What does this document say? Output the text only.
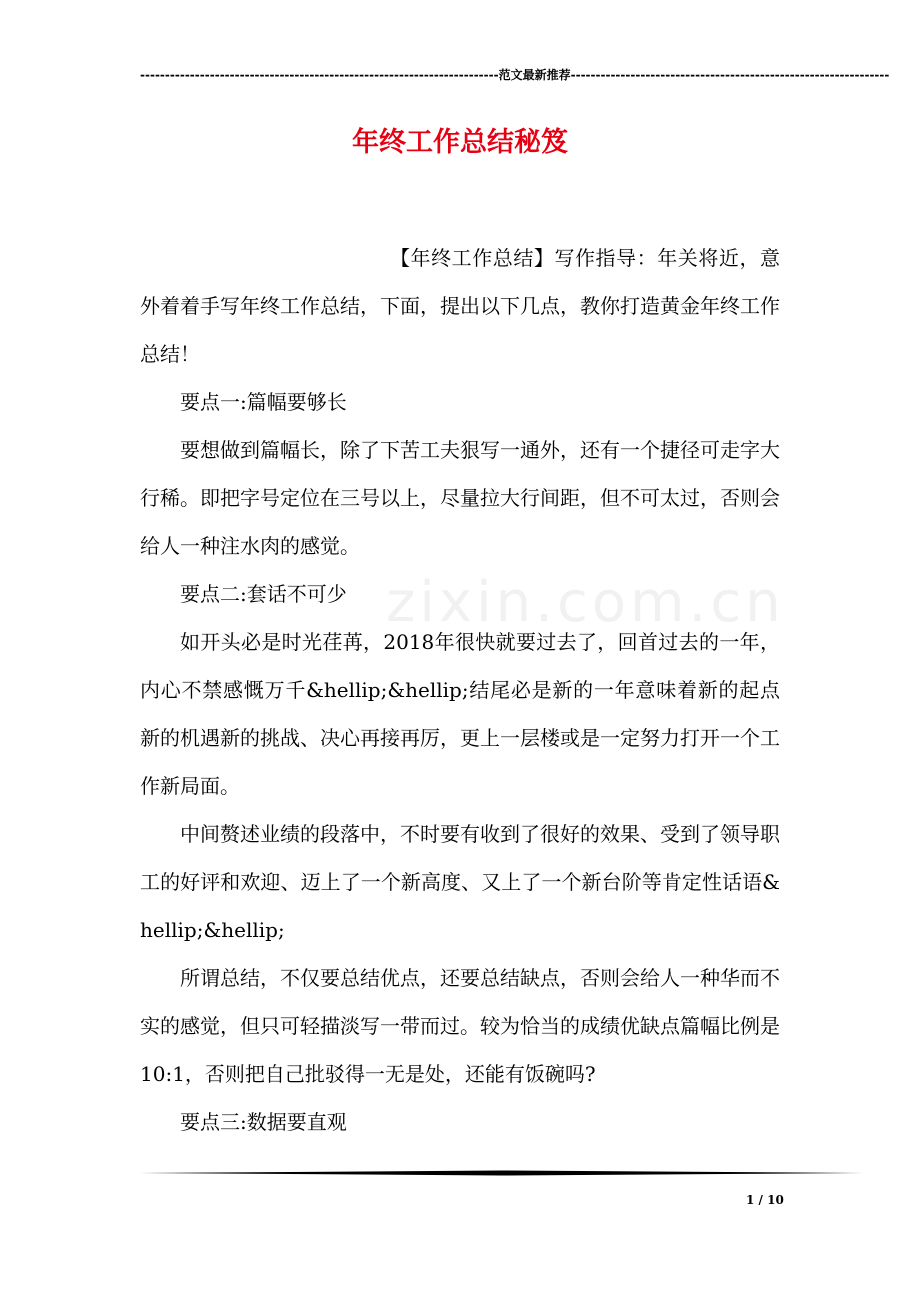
------------------------------------------------------------------------范文最新推荐----------------------------------------------------------------
年终工作总结秘笈
zixin.com.cn

【年终工作总结】写作指导：年关将近，意外着着手写年终工作总结，下面，提出以下几点，教你打造黄金年终工作总结！

要点一:篇幅要够长

要想做到篇幅长，除了下苦工夫狠写一通外，还有一个捷径可走字大行稀。即把字号定位在三号以上，尽量拉大行间距，但不可太过，否则会给人一种注水肉的感觉。

要点二:套话不可少

如开头必是时光荏苒，2018年很快就要过去了，回首过去的一年，内心不禁感慨万千&hellip;&hellip;结尾必是新的一年意味着新的起点新的机遇新的挑战、决心再接再厉，更上一层楼或是一定努力打开一个工作新局面。

中间赘述业绩的段落中，不时要有收到了很好的效果、受到了领导职工的好评和欢迎、迈上了一个新高度、又上了一个新台阶等肯定性话语&hellip;&hellip;

所谓总结，不仅要总结优点，还要总结缺点，否则会给人一种华而不实的感觉，但只可轻描淡写一带而过。较为恰当的成绩优缺点篇幅比例是10:1，否则把自己批驳得一无是处，还能有饭碗吗?

要点三:数据要直观

1 / 10
